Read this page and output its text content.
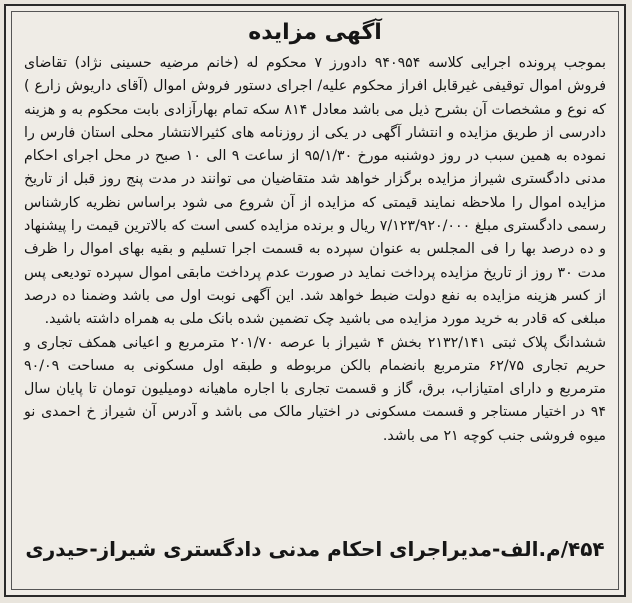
آگهی مزایده

بموجب پرونده اجرایی کلاسه ۹۴۰۹۵۴ دادورز ۷ محکوم له (خانم مرضیه حسینی نژاد) تقاضای فروش اموال توقیفی غیرقابل افراز محکوم علیه/ اجرای دستور فروش اموال (آقای داریوش زارع ) که نوع و مشخصات آن بشرح ذیل می باشد معادل ۸۱۴ سکه تمام بهارآزادی بابت محکوم به و هزینه دادرسی از طریق مزایده و انتشار آگهی در یکی از روزنامه های کثیرالانتشار محلی استان فارس را نموده به همین سبب در روز دوشنبه مورخ ۹۵/۱/۳۰ از ساعت ۹ الی ۱۰ صبح در محل اجرای احکام مدنی دادگستری شیراز مزایده برگزار خواهد شد متقاضیان می توانند در مدت پنج روز قبل از تاریخ مزایده اموال را ملاحظه نمایند قیمتی که مزایده از آن شروع می شود براساس نظریه کارشناس رسمی دادگستری مبلغ ۷/۱۲۳/۹۲۰/۰۰۰ ریال و برنده مزایده کسی است که بالاترین قیمت را پیشنهاد و ده درصد بها را فی المجلس به عنوان سپرده به قسمت اجرا تسلیم و بقیه بهای اموال را ظرف مدت ۳۰ روز از تاریخ مزایده پرداخت نماید در صورت عدم پرداخت مابقی اموال سپرده تودیعی پس از کسر هزینه مزایده به نفع دولت ضبط خواهد شد. این آگهی نوبت اول می باشد وضمنا ده درصد مبلغی که قادر به خرید مورد مزایده می باشید چک تضمین شده بانک ملی به همراه داشته باشید.

ششدانگ پلاک ثبتی ۲۱۳۲/۱۴۱ بخش ۴ شیراز با عرصه ۲۰۱/۷۰ مترمربع و اعیانی همکف تجاری و حریم تجاری ۶۲/۷۵ مترمربع بانضمام بالکن مربوطه و طبقه اول مسکونی به مساحت ۹۰/۰۹ مترمربع و دارای امتیازاب، برق، گاز و قسمت تجاری با اجاره ماهیانه دومیلیون تومان تا پایان سال ۹۴ در اختیار مستاجر و قسمت مسکونی در اختیار مالک می باشد و آدرس آن شیراز خ احمدی نو میوه فروشی جنب کوچه ۲۱ می باشد.

۴۵۴/م.الف-مدیراجرای احکام مدنی دادگستری شیراز-حیدری
